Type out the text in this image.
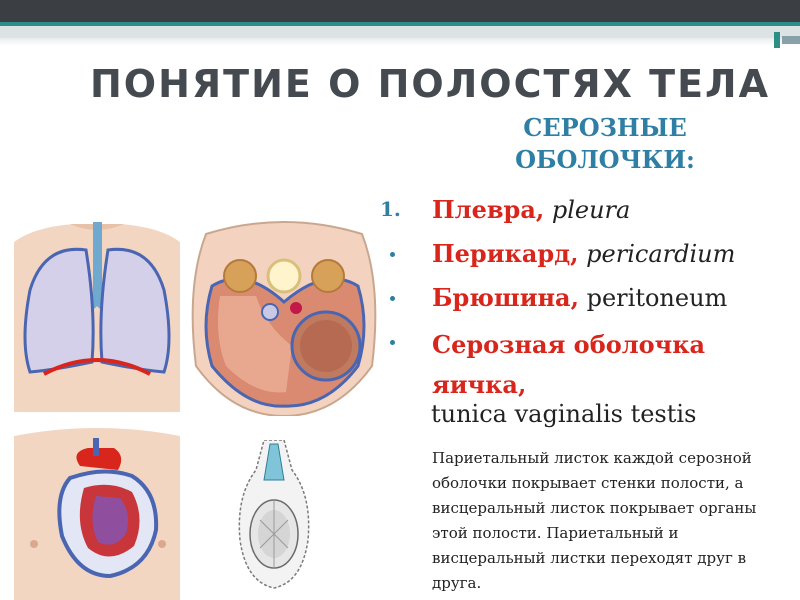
ПОНЯТИЕ О ПОЛОСТЯХ ТЕЛА

СЕРОЗНЫЕ
ОБОЛОЧКИ:

1. Плевра, pleura
Перикард, pericardium
Брюшина, peritoneum
Серозная оболочка яичка,

tunica vaginalis testis

Париетальный листок каждой серозной оболочки покрывает стенки полости, а висцеральный листок покрывает органы этой полости. Париетальный и висцеральный листки переходят друг в друга.
